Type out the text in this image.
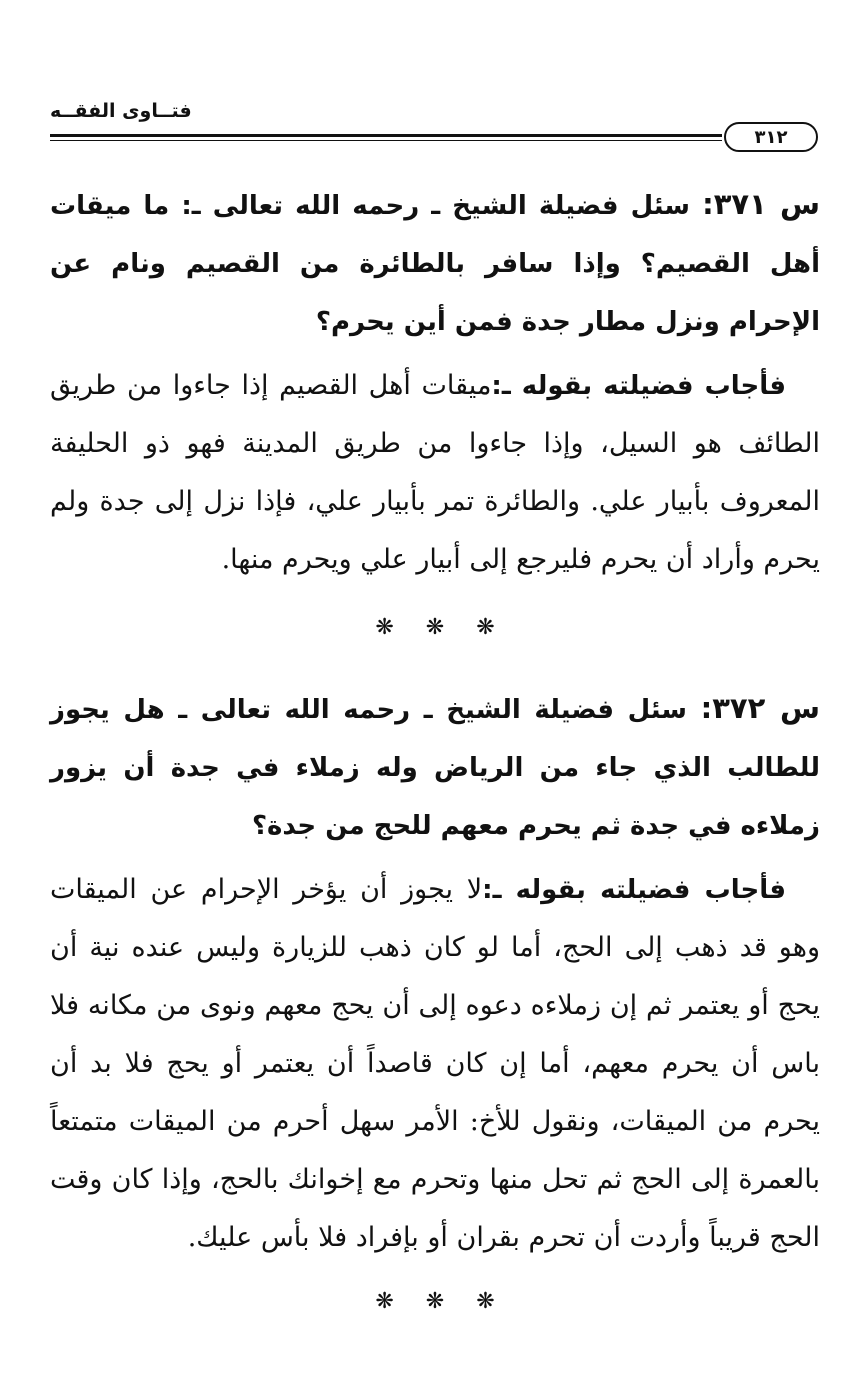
فتــاوى الفقــه
٣١٢

س ٣٧١: سئل فضيلة الشيخ ـ رحمه الله تعالى ـ: ما ميقات أهل القصيم؟ وإذا سافر بالطائرة من القصيم ونام عن الإحرام ونزل مطار جدة فمن أين يحرم؟

فأجاب فضيلته بقوله ـ:ميقات أهل القصيم إذا جاءوا من طريق الطائف هو السيل، وإذا جاءوا من طريق المدينة فهو ذو الحليفة المعروف بأبيار علي. والطائرة تمر بأبيار علي، فإذا نزل إلى جدة ولم يحرم وأراد أن يحرم فليرجع إلى أبيار علي ويحرم منها.

❋ ❋ ❋

س ٣٧٢: سئل فضيلة الشيخ ـ رحمه الله تعالى ـ هل يجوز للطالب الذي جاء من الرياض وله زملاء في جدة أن يزور زملاءه في جدة ثم يحرم معهم للحج من جدة؟

فأجاب فضيلته بقوله ـ:لا يجوز أن يؤخر الإحرام عن الميقات وهو قد ذهب إلى الحج، أما لو كان ذهب للزيارة وليس عنده نية أن يحج أو يعتمر ثم إن زملاءه دعوه إلى أن يحج معهم ونوى من مكانه فلا باس أن يحرم معهم، أما إن كان قاصداً أن يعتمر أو يحج فلا بد أن يحرم من الميقات، ونقول للأخ: الأمر سهل أحرم من الميقات متمتعاً بالعمرة إلى الحج ثم تحل منها وتحرم مع إخوانك بالحج، وإذا كان وقت الحج قريباً وأردت أن تحرم بقران أو بإفراد فلا بأس عليك.

❋ ❋ ❋
